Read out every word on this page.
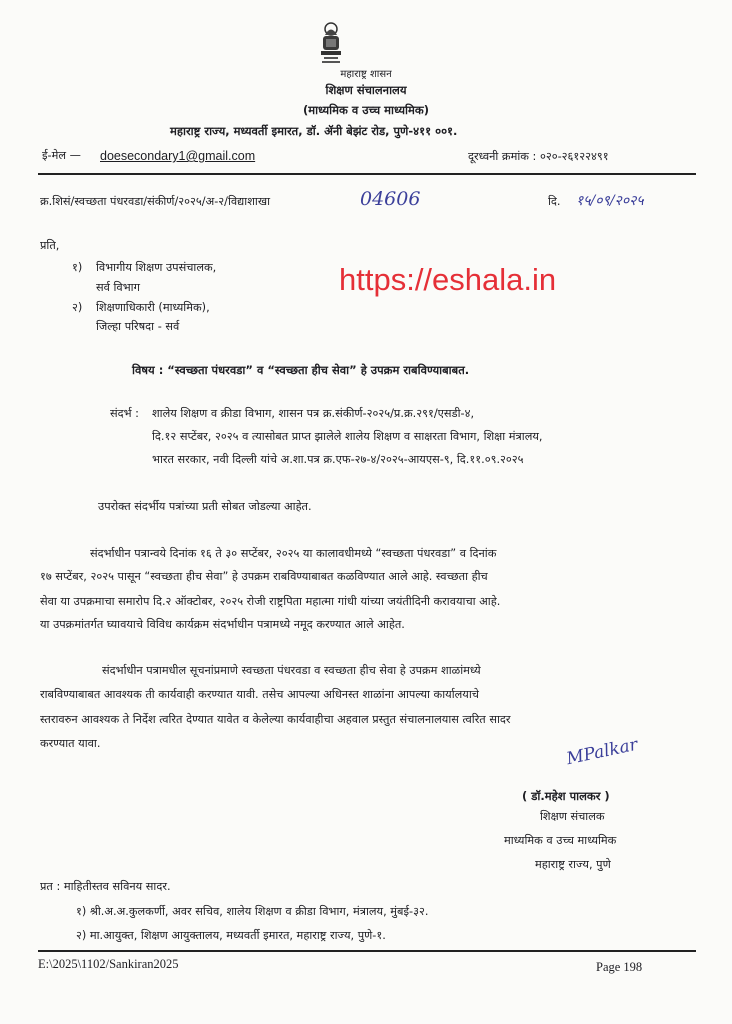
महाराष्ट्र शासन
शिक्षण संचालनालय
(माध्यमिक व उच्च माध्यमिक)
महाराष्ट्र राज्य, मध्यवर्ती इमारत, डॉ. ॲनी बेझंट रोड, पुणे-४११ ००१.
ई-मेल — doesecondary1@gmail.com	दूरध्वनी क्रमांक : ०२०-२६१२२४९१
क्र.शिसं/स्वच्छता पंधरवडा/संकीर्ण/२०२५/अ-२/विद्याशाखा	04606	दि. १५/०९/२०२५
प्रति,
१) विभागीय शिक्षण उपसंचालक,
सर्व विभाग
२) शिक्षणाधिकारी (माध्यमिक),
जिल्हा परिषदा - सर्व
https://eshala.in
विषय : “स्वच्छता पंधरवडा” व “स्वच्छता हीच सेवा” हे उपक्रम राबविण्याबाबत.
संदर्भ : शालेय शिक्षण व क्रीडा विभाग, शासन पत्र क्र.संकीर्ण-२०२५/प्र.क्र.२९१/एसडी-४,
दि.१२ सप्टेंबर, २०२५ व त्यासोबत प्राप्त झालेले शालेय शिक्षण व साक्षरता विभाग, शिक्षा मंत्रालय,
भारत सरकार, नवी दिल्ली यांचे अ.शा.पत्र क्र.एफ-२७-४/२०२५-आयएस-९, दि.११.०९.२०२५
उपरोक्त संदर्भीय पत्रांच्या प्रती सोबत जोडल्या आहेत.
संदर्भाधीन पत्रान्वये दिनांक १६ ते ३० सप्टेंबर, २०२५ या कालावधीमध्ये “स्वच्छता पंधरवडा” व दिनांक
१७ सप्टेंबर, २०२५ पासून “स्वच्छता हीच सेवा” हे उपक्रम राबविण्याबाबत कळविण्यात आले आहे. स्वच्छता हीच
सेवा या उपक्रमाचा समारोप दि.२ ऑक्टोबर, २०२५ रोजी राष्ट्रपिता महात्मा गांधी यांच्या जयंतीदिनी करावयाचा आहे.
या उपक्रमांतर्गत घ्यावयाचे विविध कार्यक्रम संदर्भाधीन पत्रामध्ये नमूद करण्यात आले आहेत.
संदर्भाधीन पत्रामधील सूचनांप्रमाणे स्वच्छता पंधरवडा व स्वच्छता हीच सेवा हे उपक्रम शाळांमध्ये
राबविण्याबाबत आवश्यक ती कार्यवाही करण्यात यावी. तसेच आपल्या अधिनस्त शाळांना आपल्या कार्यालयाचे
स्तरावरुन आवश्यक ते निर्देश त्वरित देण्यात यावेत व केलेल्या कार्यवाहीचा अहवाल प्रस्तुत संचालनालयास त्वरित सादर
करण्यात यावा.	MPalkar
( डॉ.महेश पालकर )
शिक्षण संचालक
माध्यमिक व उच्च माध्यमिक
महाराष्ट्र राज्य, पुणे
प्रत : माहितीस्तव सविनय सादर.
१) श्री.अ.अ.कुलकर्णी, अवर सचिव, शालेय शिक्षण व क्रीडा विभाग, मंत्रालय, मुंबई-३२.
२) मा.आयुक्त, शिक्षण आयुक्तालय, मध्यवर्ती इमारत, महाराष्ट्र राज्य, पुणे-१.
E:\2025\1102/Sankiran2025	Page 198
